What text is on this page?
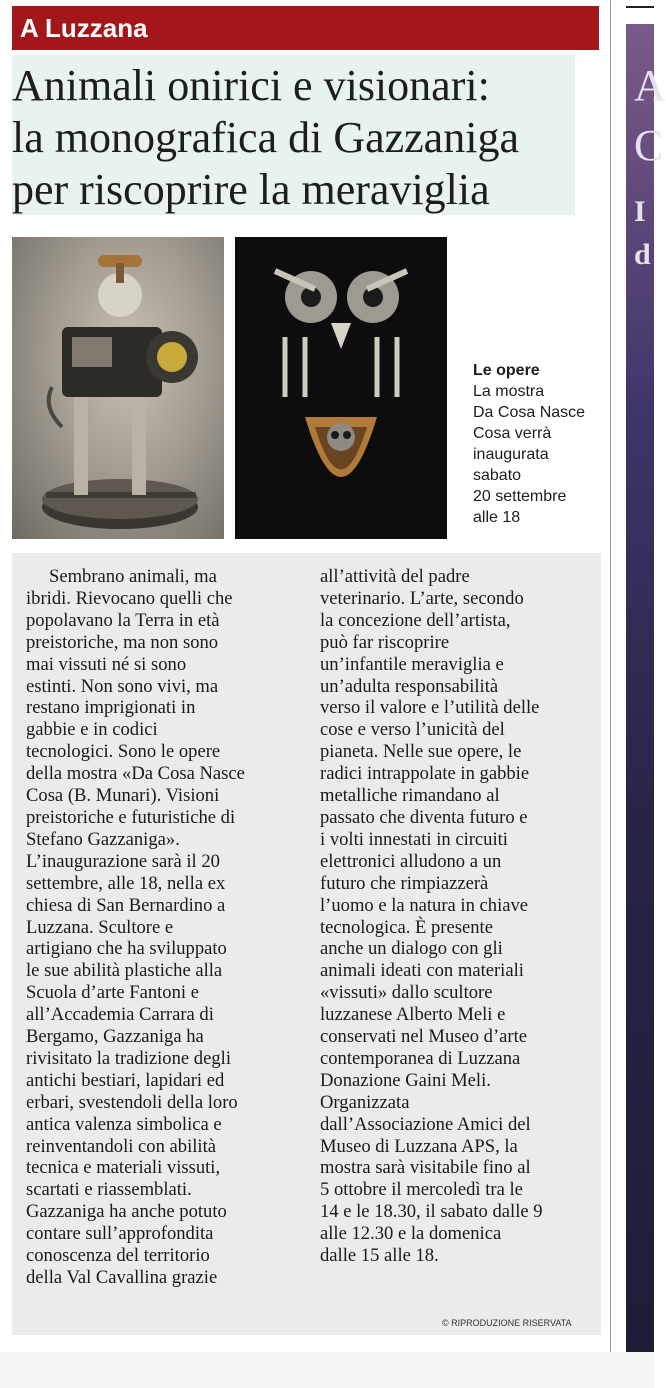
A Luzzana
Animali onirici e visionari:
la monografica di Gazzaniga
per riscoprire la meraviglia
Le opere
La mostra
Da Cosa Nasce
Cosa verrà
inaugurata
sabato
20 settembre
alle 18
Sembrano animali, ma
ibridi. Rievocano quelli che
popolavano la Terra in età
preistoriche, ma non sono
mai vissuti né si sono
estinti. Non sono vivi, ma
restano imprigionati in
gabbie e in codici
tecnologici. Sono le opere
della mostra «Da Cosa Nasce
Cosa (B. Munari). Visioni
preistoriche e futuristiche di
Stefano Gazzaniga».
L’inaugurazione sarà il 20
settembre, alle 18, nella ex
chiesa di San Bernardino a
Luzzana. Scultore e
artigiano che ha sviluppato
le sue abilità plastiche alla
Scuola d’arte Fantoni e
all’Accademia Carrara di
Bergamo, Gazzaniga ha
rivisitato la tradizione degli
antichi bestiari, lapidari ed
erbari, svestendoli della loro
antica valenza simbolica e
reinventandoli con abilità
tecnica e materiali vissuti,
scartati e riassemblati.
Gazzaniga ha anche potuto
contare sull’approfondita
conoscenza del territorio
della Val Cavallina grazie
all’attività del padre
veterinario. L’arte, secondo
la concezione dell’artista,
può far riscoprire
un’infantile meraviglia e
un’adulta responsabilità
verso il valore e l’utilità delle
cose e verso l’unicità del
pianeta. Nelle sue opere, le
radici intrappolate in gabbie
metalliche rimandano al
passato che diventa futuro e
i volti innestati in circuiti
elettronici alludono a un
futuro che rimpiazzerà
l’uomo e la natura in chiave
tecnologica. È presente
anche un dialogo con gli
animali ideati con materiali
«vissuti» dallo scultore
luzzanese Alberto Meli e
conservati nel Museo d’arte
contemporanea di Luzzana
Donazione Gaini Meli.
Organizzata
dall’Associazione Amici del
Museo di Luzzana APS, la
mostra sarà visitabile fino al
5 ottobre il mercoledì tra le
14 e le 18.30, il sabato dalle 9
alle 12.30 e la domenica
dalle 15 alle 18.
© RIPRODUZIONE RISERVATA
A
C
I
d
